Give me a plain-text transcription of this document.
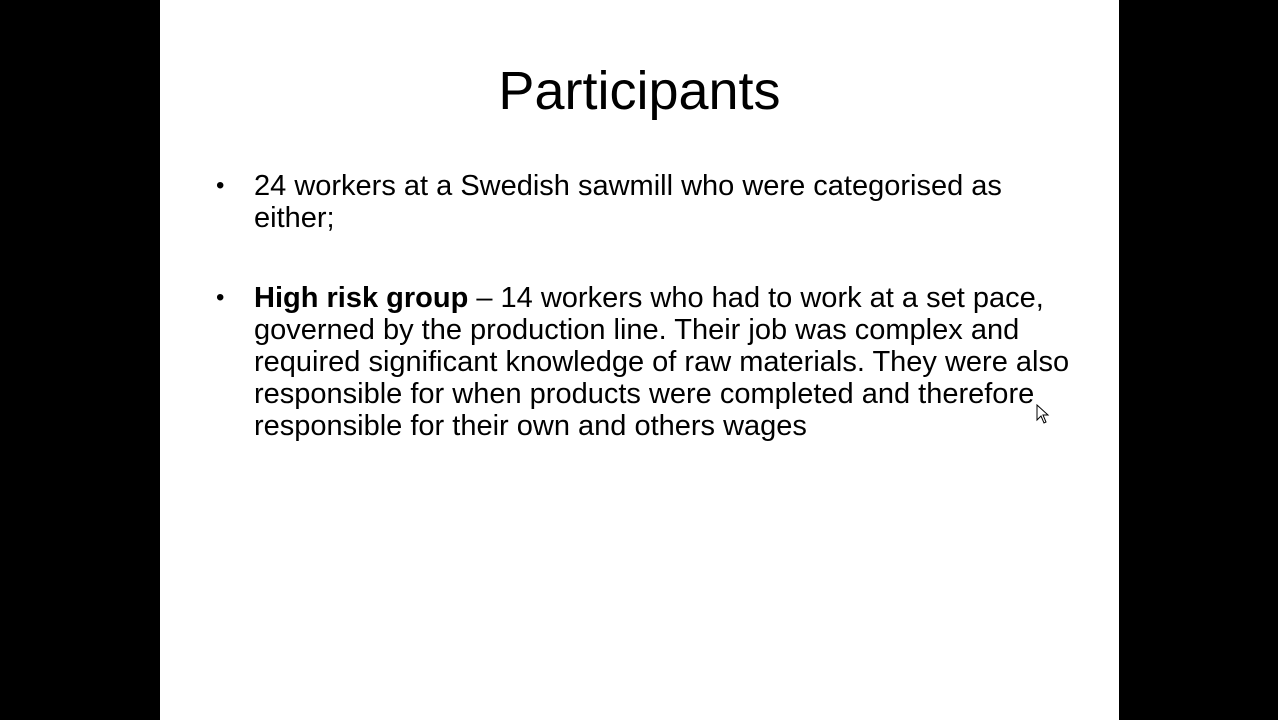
Participants
•	24 workers at a Swedish sawmill who were categorised as either;
•	High risk group – 14 workers who had to work at a set pace, governed by the production line. Their job was complex and required significant knowledge of raw materials. They were also responsible for when products were completed and therefore responsible for their own and others wages
